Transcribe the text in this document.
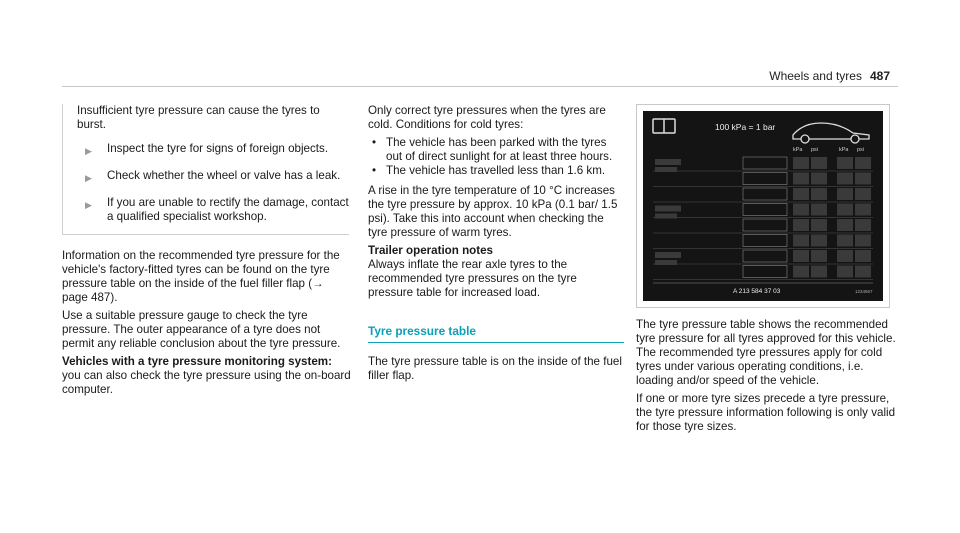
Wheels and tyres 487

Insufficient tyre pressure can cause the tyres to burst.

▶	Inspect the tyre for signs of foreign objects.
▶	Check whether the wheel or valve has a leak.
▶	If you are unable to rectify the damage, contact a qualified specialist workshop.

Information on the recommended tyre pressure for the vehicle's factory-fitted tyres can be found on the tyre pressure table on the inside of the fuel filler flap (→ page 487).

Use a suitable pressure gauge to check the tyre pressure. The outer appearance of a tyre does not permit any reliable conclusion about the tyre pressure.

Vehicles with a tyre pressure monitoring system: you can also check the tyre pressure using the on-board computer.

Only correct tyre pressures when the tyres are cold. Conditions for cold tyres:

• The vehicle has been parked with the tyres out of direct sunlight for at least three hours.
• The vehicle has travelled less than 1.6 km.

A rise in the tyre temperature of 10 °C increases the tyre pressure by approx. 10 kPa (0.1 bar/ 1.5 psi). Take this into account when checking the tyre pressure of warm tyres.

Trailer operation notes

Always inflate the rear axle tyres to the recommended tyre pressures on the tyre pressure table for increased load.

Tyre pressure table

The tyre pressure table is on the inside of the fuel filler flap.

100 kPa = 1 bar
kPa psi	kPa psi
A 213 584 37 03	1234567

The tyre pressure table shows the recommended tyre pressure for all tyres approved for this vehicle. The recommended tyre pressures apply for cold tyres under various operating conditions, i.e. loading and/or speed of the vehicle.

If one or more tyre sizes precede a tyre pressure, the tyre pressure information following is only valid for those tyre sizes.
